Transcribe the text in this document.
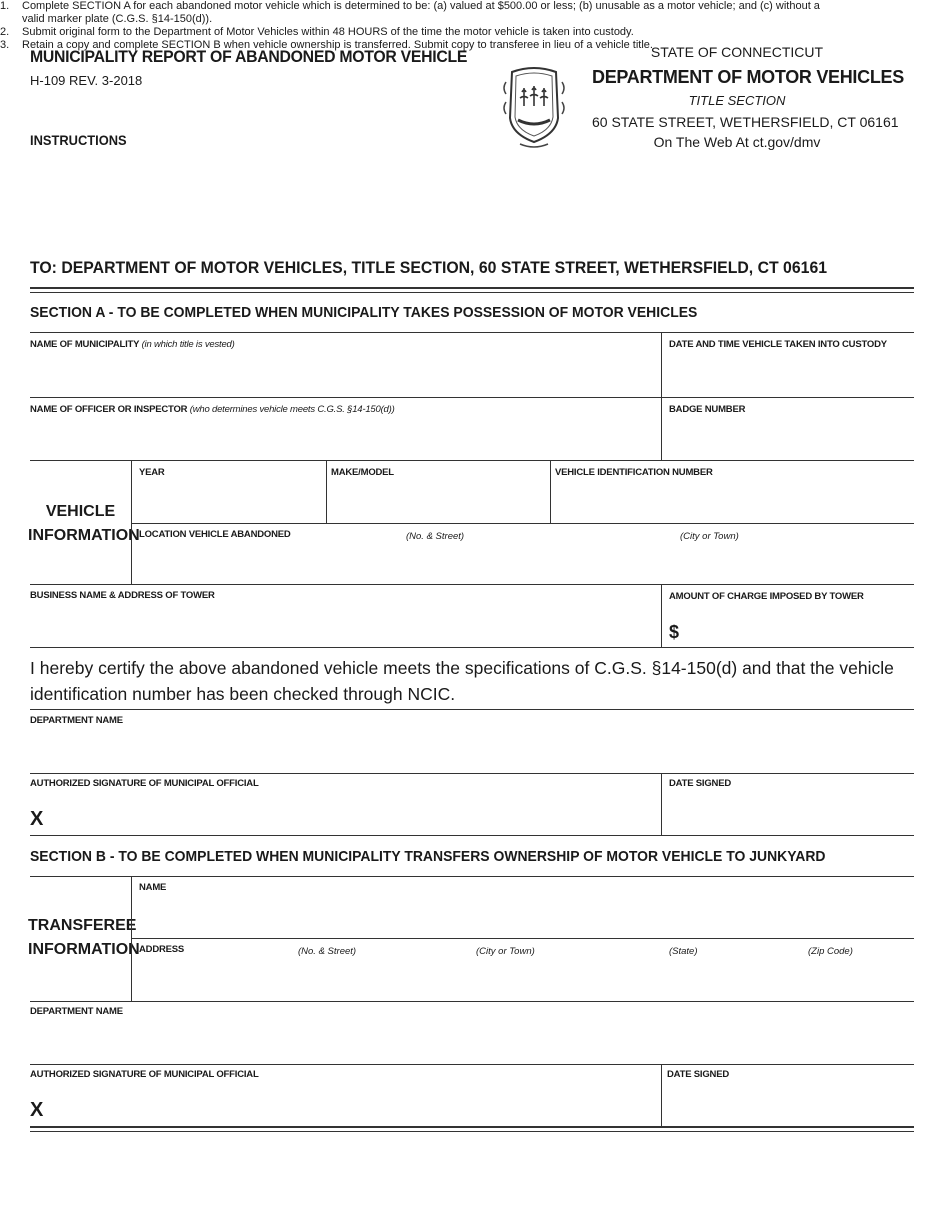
MUNICIPALITY REPORT OF ABANDONED MOTOR VEHICLE
H-109 REV. 3-2018
INSTRUCTIONS
STATE OF CONNECTICUT
DEPARTMENT OF MOTOR VEHICLES
TITLE SECTION
60 STATE STREET, WETHERSFIELD, CT 06161
On The Web At ct.gov/dmv
1.	Complete SECTION A for each abandoned motor vehicle which is determined to be: (a) valued at $500.00 or less; (b) unusable as a motor vehicle; and (c) without a valid marker plate (C.G.S. §14-150(d)).
2.	Submit original form to the Department of Motor Vehicles within 48 HOURS of the time the motor vehicle is taken into custody.
3.	Retain a copy and complete SECTION B when vehicle ownership is transferred. Submit copy to transferee in lieu of a vehicle title.
TO: DEPARTMENT OF MOTOR VEHICLES, TITLE SECTION, 60 STATE STREET, WETHERSFIELD, CT 06161
SECTION A - TO BE COMPLETED WHEN MUNICIPALITY TAKES POSSESSION OF MOTOR VEHICLES
NAME OF MUNICIPALITY (in which title is vested)	DATE AND TIME VEHICLE TAKEN INTO CUSTODY
NAME OF OFFICER OR INSPECTOR (who determines vehicle meets C.G.S. §14-150(d))	BADGE NUMBER
VEHICLE
INFORMATION
YEAR	MAKE/MODEL	VEHICLE IDENTIFICATION NUMBER
LOCATION VEHICLE ABANDONED	(No. & Street)	(City or Town)
BUSINESS NAME & ADDRESS OF TOWER	AMOUNT OF CHARGE IMPOSED BY TOWER
$
I hereby certify the above abandoned vehicle meets the specifications of C.G.S. §14-150(d) and that the vehicle identification number has been checked through NCIC.
DEPARTMENT NAME
AUTHORIZED SIGNATURE OF MUNICIPAL OFFICIAL	DATE SIGNED
X
SECTION B - TO BE COMPLETED WHEN MUNICIPALITY TRANSFERS OWNERSHIP OF MOTOR VEHICLE TO JUNKYARD
TRANSFEREE
INFORMATION
NAME
ADDRESS	(No. & Street)	(City or Town)	(State)	(Zip Code)
DEPARTMENT NAME
AUTHORIZED SIGNATURE OF MUNICIPAL OFFICIAL	DATE SIGNED
X
